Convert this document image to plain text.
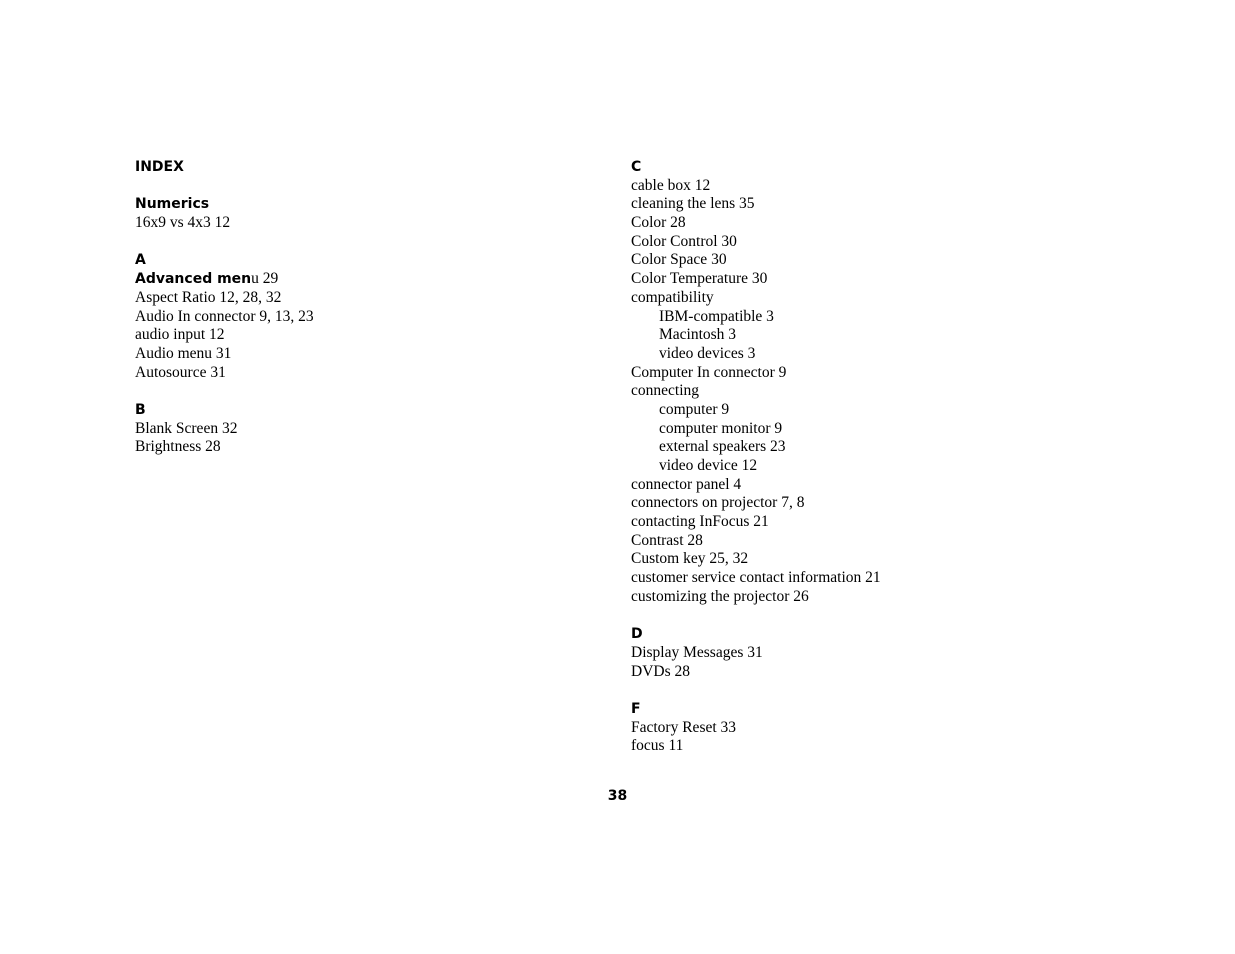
INDEX
Numerics
16x9 vs 4x3 12
A
Advanced menu 29
Aspect Ratio 12, 28, 32
Audio In connector 9, 13, 23
audio input 12
Audio menu 31
Autosource 31
B
Blank Screen 32
Brightness 28
C
cable box 12
cleaning the lens 35
Color 28
Color Control 30
Color Space 30
Color Temperature 30
compatibility
IBM-compatible 3
Macintosh 3
video devices 3
Computer In connector 9
connecting
computer 9
computer monitor 9
external speakers 23
video device 12
connector panel 4
connectors on projector 7, 8
contacting InFocus 21
Contrast 28
Custom key 25, 32
customer service contact information 21
customizing the projector 26
D
Display Messages 31
DVDs 28
F
Factory Reset 33
focus 11
38
